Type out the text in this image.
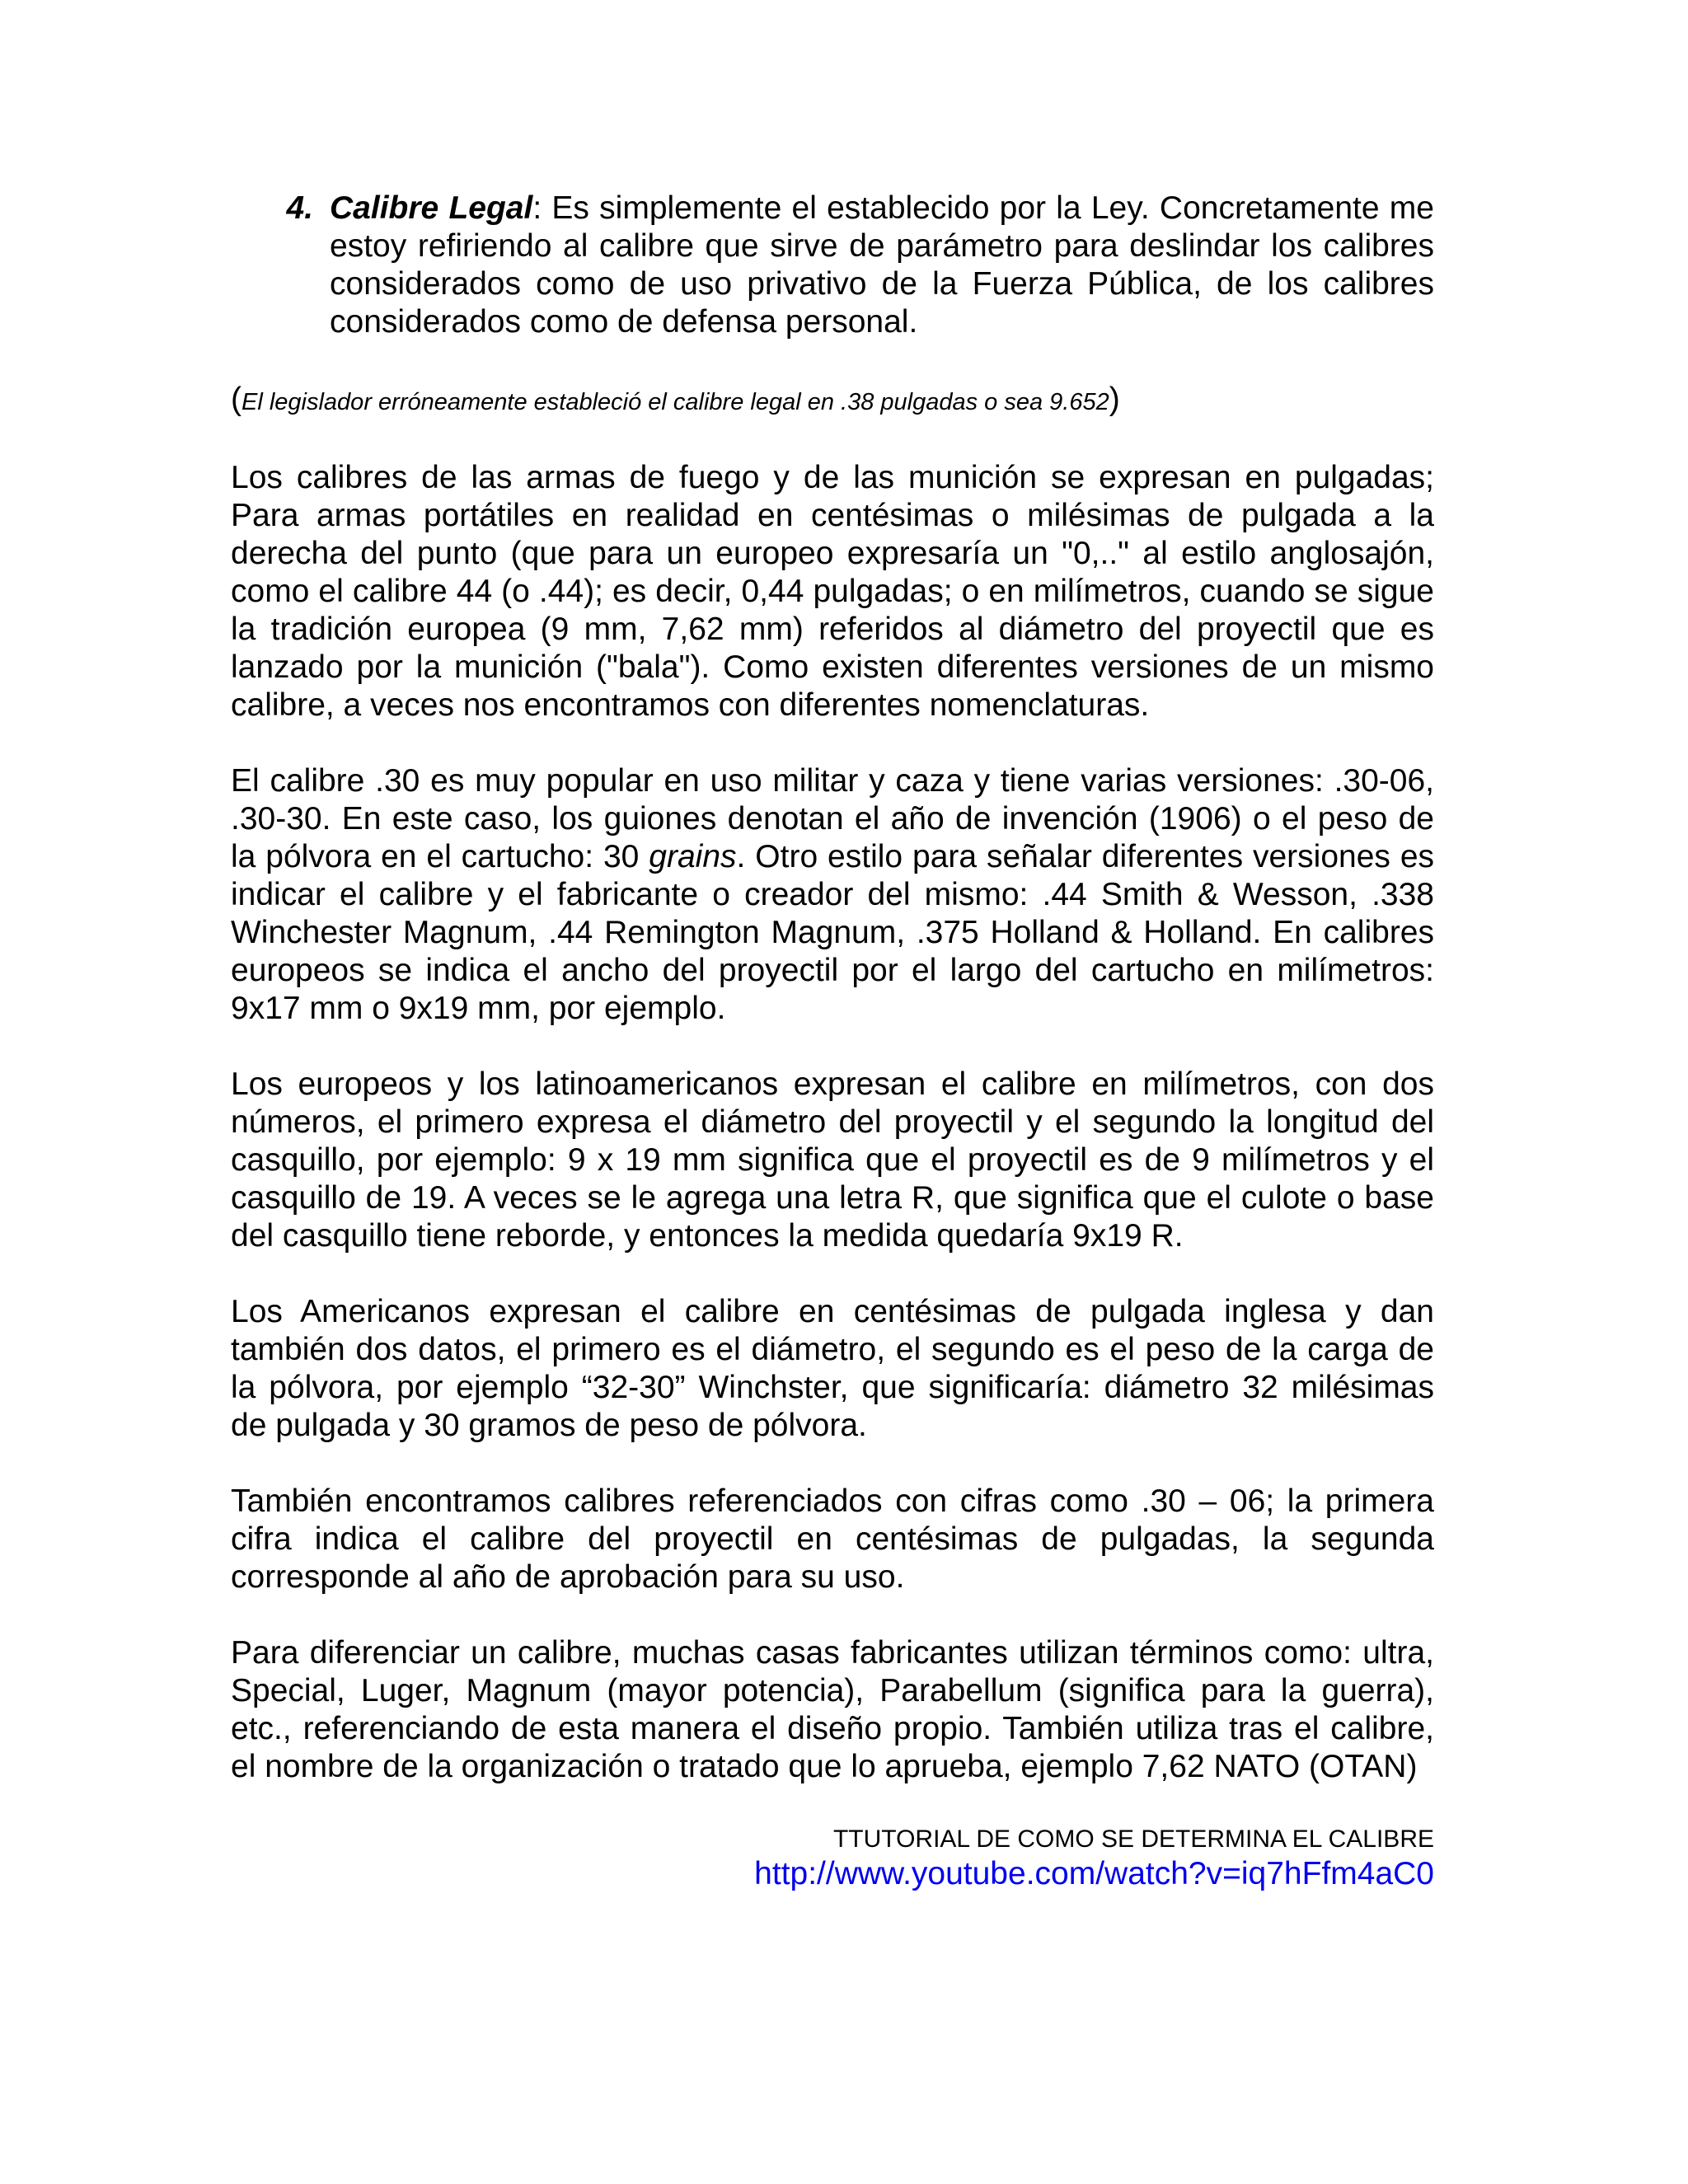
4. Calibre Legal: Es simplemente el establecido por la Ley. Concretamente me estoy refiriendo al calibre que sirve de parámetro para deslindar los calibres considerados como de uso privativo de la Fuerza Pública, de los calibres considerados como de defensa personal.
(El legislador erróneamente estableció el calibre legal en .38 pulgadas o sea 9.652)

Los calibres de las armas de fuego y de las munición se expresan en pulgadas; Para armas portátiles en realidad en centésimas o milésimas de pulgada a la derecha del punto (que para un europeo expresaría un "0,.." al estilo anglosajón, como el calibre 44 (o .44); es decir, 0,44 pulgadas; o en milímetros, cuando se sigue la tradición europea (9 mm, 7,62 mm) referidos al diámetro del proyectil que es lanzado por la munición ("bala"). Como existen diferentes versiones de un mismo calibre, a veces nos encontramos con diferentes nomenclaturas.

El calibre .30 es muy popular en uso militar y caza y tiene varias versiones: .30-06, .30-30. En este caso, los guiones denotan el año de invención (1906) o el peso de la pólvora en el cartucho: 30 grains. Otro estilo para señalar diferentes versiones es indicar el calibre y el fabricante o creador del mismo: .44 Smith & Wesson, .338 Winchester Magnum, .44 Remington Magnum, .375 Holland & Holland. En calibres europeos se indica el ancho del proyectil por el largo del cartucho en milímetros: 9x17 mm o 9x19 mm, por ejemplo.

Los europeos y los latinoamericanos expresan el calibre en milímetros, con dos números, el primero expresa el diámetro del proyectil y el segundo la longitud del casquillo, por ejemplo: 9 x 19 mm significa que el proyectil es de 9 milímetros y el casquillo de 19. A veces se le agrega una letra R, que significa que el culote o base del casquillo tiene reborde, y entonces la medida quedaría 9x19 R.

Los Americanos expresan el calibre en centésimas de pulgada inglesa y dan también dos datos, el primero es el diámetro, el segundo es el peso de la carga de la pólvora, por ejemplo “32-30” Winchster, que significaría: diámetro 32 milésimas de pulgada y 30 gramos de peso de pólvora.

También encontramos calibres referenciados con cifras como .30 – 06; la primera cifra indica el calibre del proyectil en centésimas de pulgadas, la segunda corresponde al año de aprobación para su uso.

Para diferenciar un calibre, muchas casas fabricantes utilizan términos como: ultra, Special, Luger, Magnum (mayor potencia), Parabellum (significa para la guerra), etc., referenciando de esta manera el diseño propio. También utiliza tras el calibre, el nombre de la organización o tratado que lo aprueba, ejemplo 7,62 NATO (OTAN)

TTUTORIAL DE COMO SE DETERMINA EL CALIBRE
http://www.youtube.com/watch?v=iq7hFfm4aC0
